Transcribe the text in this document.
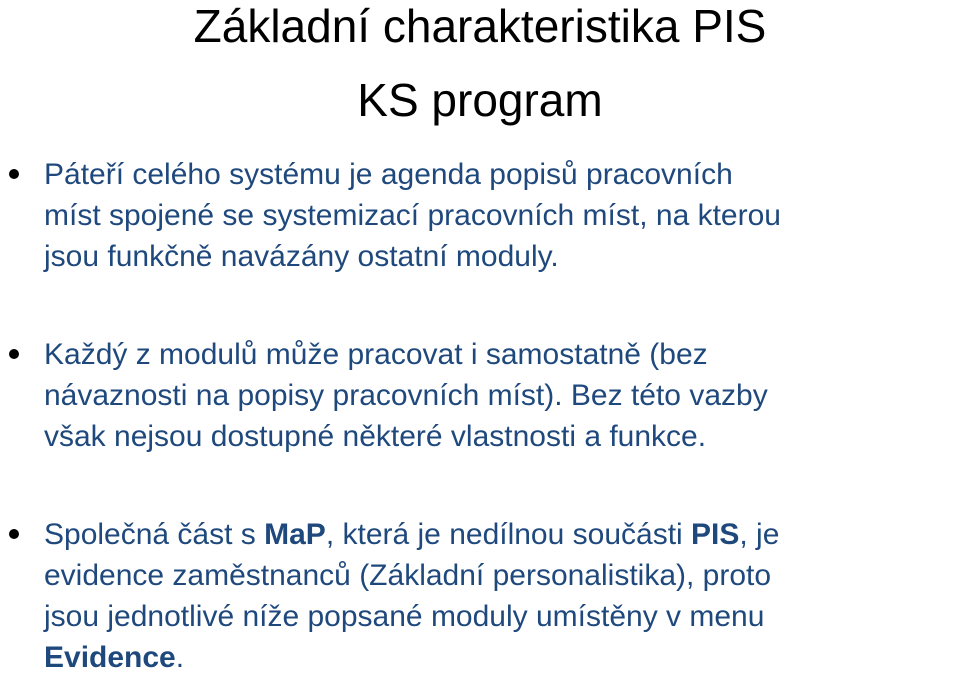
Základní charakteristika PIS
KS program

Páteří celého systému je agenda popisů pracovních
míst spojené se systemizací pracovních míst, na kterou
jsou funkčně navázány ostatní moduly.

Každý z modulů může pracovat i samostatně (bez
návaznosti na popisy pracovních míst). Bez této vazby
však nejsou dostupné některé vlastnosti a funkce.

Společná část s MaP, která je nedílnou součásti PIS, je
evidence zaměstnanců (Základní personalistika), proto
jsou jednotlivé níže popsané moduly umístěny v menu
Evidence.
